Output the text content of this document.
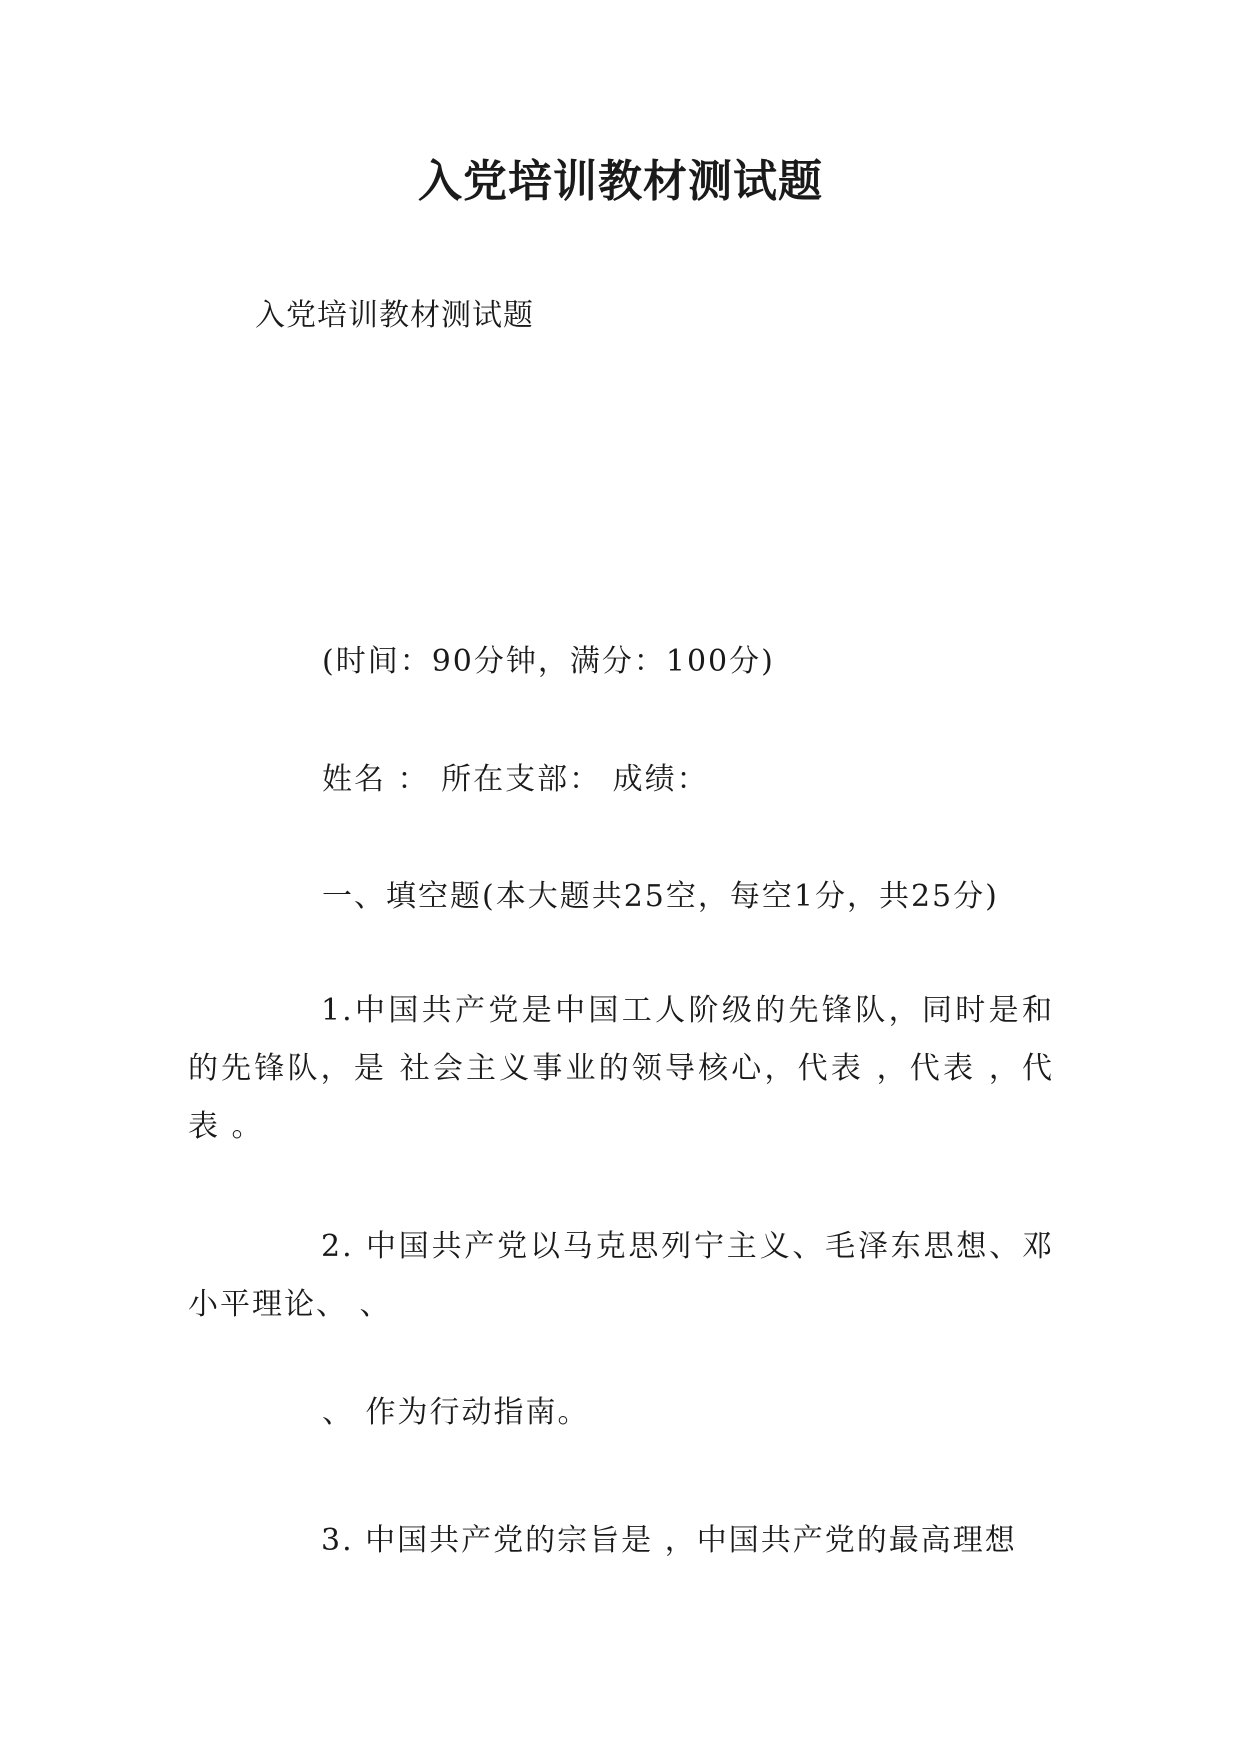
入党培训教材测试题
入党培训教材测试题
(时间：90分钟，满分：100分)
姓名 ： 所在支部： 成绩：
一、填空题(本大题共25空，每空1分，共25分)

1.中国共产党是中国工人阶级的先锋队，同时是和 的先锋队，是 社会主义事业的领导核心，代表 ，代表 ，代表 。

2. 中国共产党以马克思列宁主义、毛泽东思想、邓小平理论、 、

、 作为行动指南。

3. 中国共产党的宗旨是 ，中国共产党的最高理想
